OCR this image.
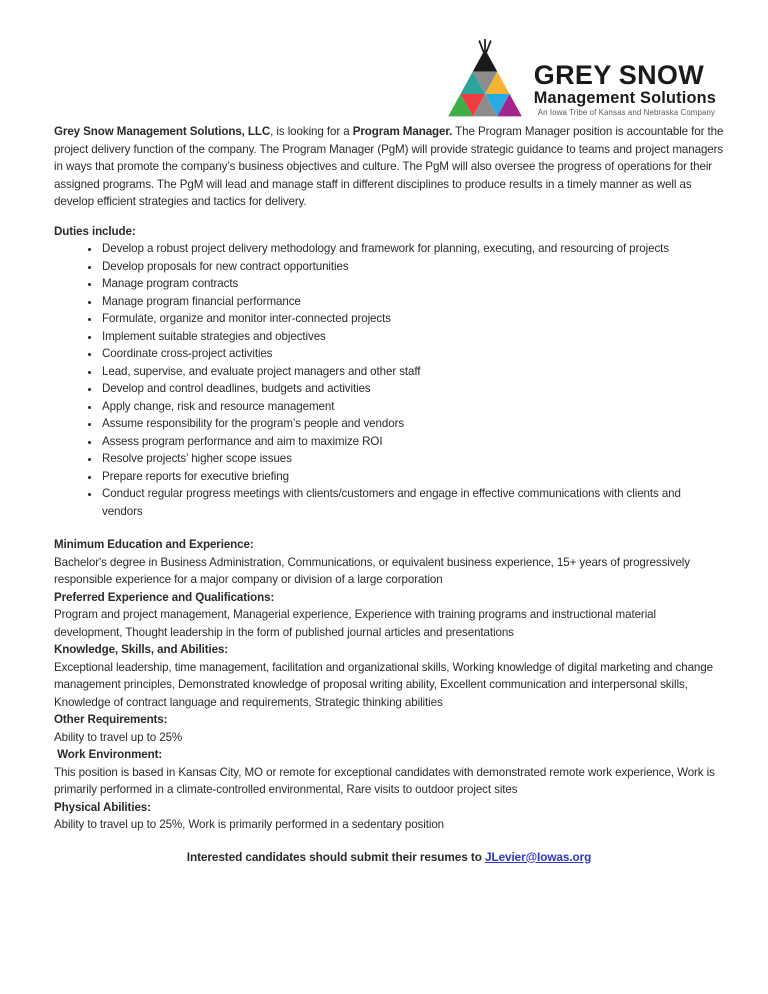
GREY SNOW
Management Solutions
An Iowa Tribe of Kansas and Nebraska Company

Grey Snow Management Solutions, LLC, is looking for a Program Manager. The Program Manager position is accountable for the project delivery function of the company. The Program Manager (PgM) will provide strategic guidance to teams and project managers in ways that promote the company’s business objectives and culture. The PgM will also oversee the progress of operations for their assigned programs. The PgM will lead and manage staff in different disciplines to produce results in a timely manner as well as develop efficient strategies and tactics for delivery.

Duties include:
• Develop a robust project delivery methodology and framework for planning, executing, and resourcing of projects
• Develop proposals for new contract opportunities
• Manage program contracts
• Manage program financial performance
• Formulate, organize and monitor inter-connected projects
• Implement suitable strategies and objectives
• Coordinate cross-project activities
• Lead, supervise, and evaluate project managers and other staff
• Develop and control deadlines, budgets and activities
• Apply change, risk and resource management
• Assume responsibility for the program’s people and vendors
• Assess program performance and aim to maximize ROI
• Resolve projects’ higher scope issues
• Prepare reports for executive briefing
• Conduct regular progress meetings with clients/customers and engage in effective communications with clients and vendors
Minimum Education and Experience:
Bachelor's degree in Business Administration, Communications, or equivalent business experience, 15+ years of progressively responsible experience for a major company or division of a large corporation
Preferred Experience and Qualifications:
Program and project management, Managerial experience, Experience with training programs and instructional material development, Thought leadership in the form of published journal articles and presentations
Knowledge, Skills, and Abilities:
Exceptional leadership, time management, facilitation and organizational skills, Working knowledge of digital marketing and change management principles, Demonstrated knowledge of proposal writing ability, Excellent communication and interpersonal skills, Knowledge of contract language and requirements, Strategic thinking abilities
Other Requirements:
Ability to travel up to 25%
Work Environment:
This position is based in Kansas City, MO or remote for exceptional candidates with demonstrated remote work experience, Work is primarily performed in a climate-controlled environmental, Rare visits to outdoor project sites
Physical Abilities:
Ability to travel up to 25%, Work is primarily performed in a sedentary position
Interested candidates should submit their resumes to JLevier@Iowas.org
